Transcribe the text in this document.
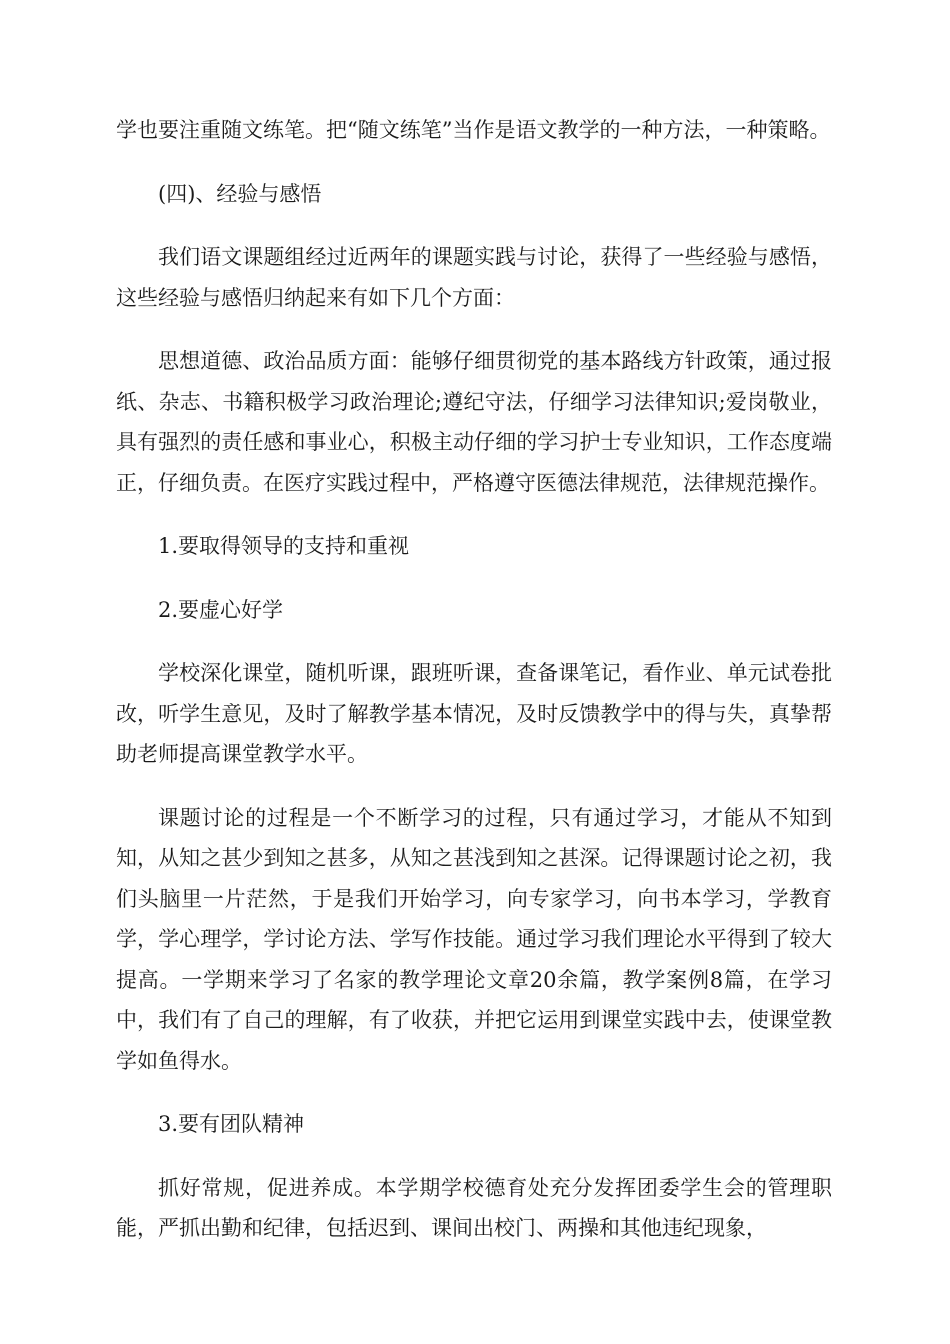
学也要注重随文练笔。把“随文练笔”当作是语文教学的一种方法，一种策略。

(四)、经验与感悟

我们语文课题组经过近两年的课题实践与讨论，获得了一些经验与感悟，这些经验与感悟归纳起来有如下几个方面：

思想道德、政治品质方面：能够仔细贯彻党的基本路线方针政策，通过报纸、杂志、书籍积极学习政治理论;遵纪守法，仔细学习法律知识;爱岗敬业，具有强烈的责任感和事业心，积极主动仔细的学习护士专业知识，工作态度端正，仔细负责。在医疗实践过程中，严格遵守医德法律规范，法律规范操作。

1.要取得领导的支持和重视

2.要虚心好学

学校深化课堂，随机听课，跟班听课，查备课笔记，看作业、单元试卷批改，听学生意见，及时了解教学基本情况，及时反馈教学中的得与失，真挚帮助老师提高课堂教学水平。

课题讨论的过程是一个不断学习的过程，只有通过学习，才能从不知到知，从知之甚少到知之甚多，从知之甚浅到知之甚深。记得课题讨论之初，我们头脑里一片茫然，于是我们开始学习，向专家学习，向书本学习，学教育学，学心理学，学讨论方法、学写作技能。通过学习我们理论水平得到了较大提高。一学期来学习了名家的教学理论文章20余篇，教学案例8篇，在学习中，我们有了自己的理解，有了收获，并把它运用到课堂实践中去，使课堂教学如鱼得水。

3.要有团队精神

抓好常规，促进养成。本学期学校德育处充分发挥团委学生会的管理职能，严抓出勤和纪律，包括迟到、课间出校门、两操和其他违纪现象，
